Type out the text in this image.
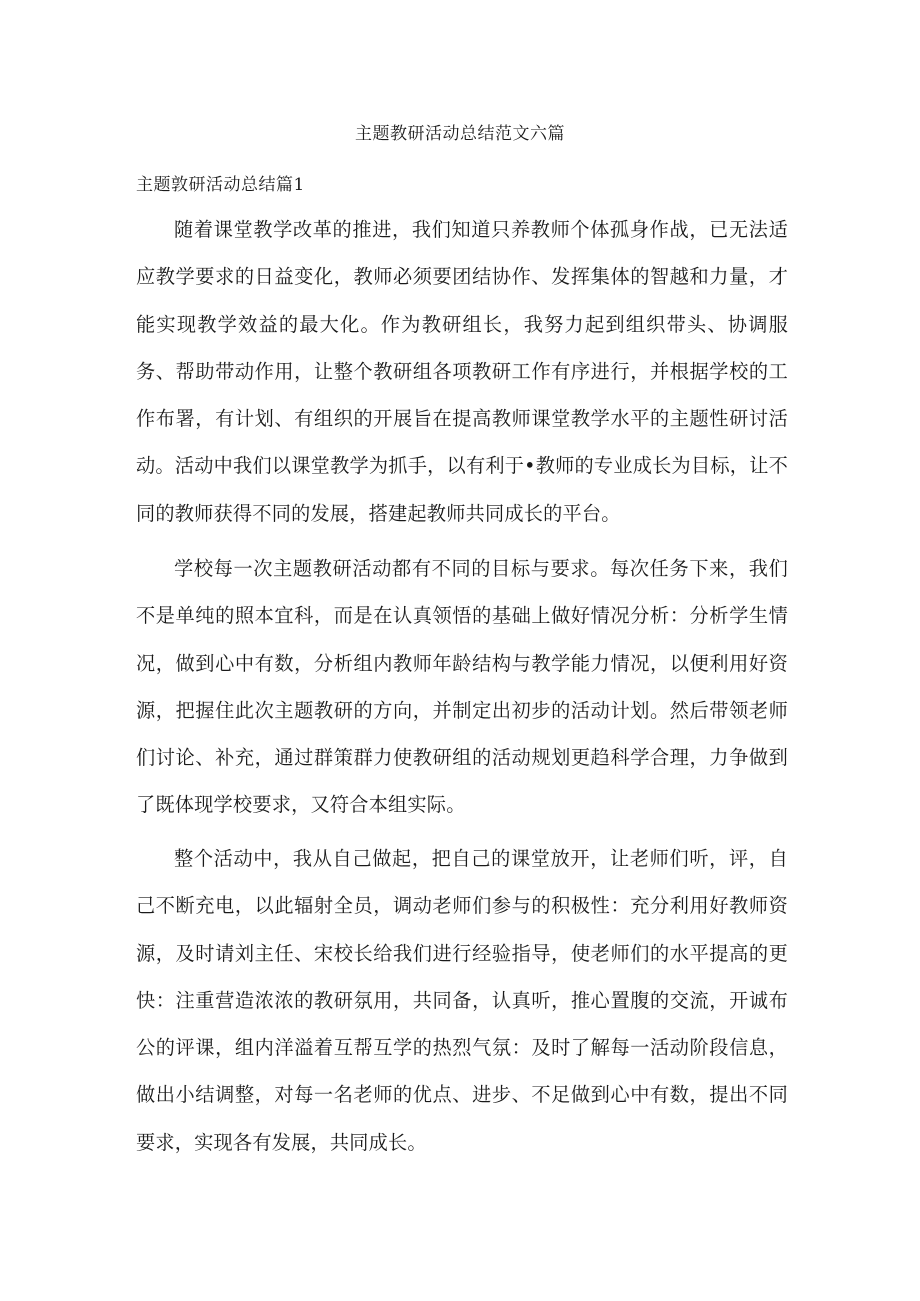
主题教研活动总结范文六篇
主题敦研活动总结篇1

随着课堂教学改革的推进，我们知道只养教师个体孤身作战，已无法适应教学要求的日益变化，教师必须要团结协作、发挥集体的智越和力量，才能实现教学效益的最大化。作为教研组长，我努力起到组织带头、协调服务、帮助带动作用，让整个教研组各项教研工作有序进行，并根据学校的工作布署，有计划、有组织的开展旨在提高教师课堂教学水平的主题性研讨活动。活动中我们以课堂教学为抓手，以有利于•教师的专业成长为目标，让不同的教师获得不同的发展，搭建起教师共同成长的平台。

学校每一次主题教研活动都有不同的目标与要求。每次任务下来，我们不是单纯的照本宜科，而是在认真领悟的基础上做好情况分析：分析学生情况，做到心中有数，分析组内教师年龄结构与教学能力情况，以便利用好资源，把握住此次主题教研的方向，并制定出初步的活动计划。然后带领老师们讨论、补充，通过群策群力使教研组的活动规划更趋科学合理，力争做到了既体现学校要求，又符合本组实际。

整个活动中，我从自己做起，把自己的课堂放开，让老师们听，评，自己不断充电，以此辐射全员，调动老师们参与的积极性：充分利用好教师资源，及时请刘主任、宋校长给我们进行经验指导，使老师们的水平提高的更快：注重营造浓浓的教研氛用，共同备，认真听，推心置腹的交流，开诚布公的评课，组内洋溢着互帮互学的热烈气氛：及时了解每一活动阶段信息，做出小结调整，对每一名老师的优点、进步、不足做到心中有数，提出不同要求，实现各有发展，共同成长。
